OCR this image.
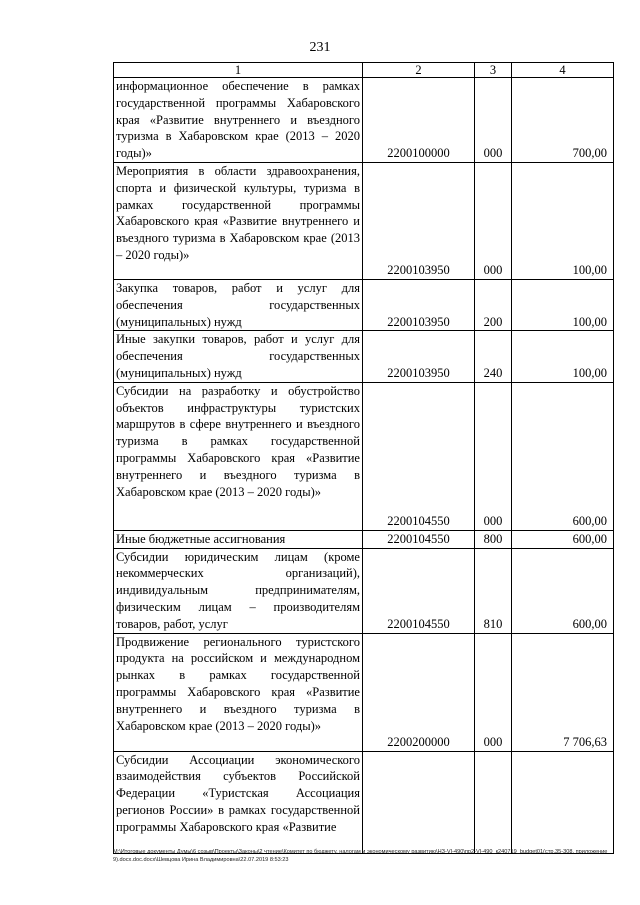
231
1	2	3	4
информационное обеспечение в рамках государственной программы Хабаровского края «Развитие внутреннего и въездного туризма в Хабаровском крае (2013 – 2020 годы)»	2200100000	000	700,00
Мероприятия в области здравоохранения, спорта и физической культуры, туризма в рамках государственной программы Хабаровского края «Развитие внутреннего и въездного туризма в Хабаровском крае (2013 – 2020 годы)»	2200103950	000	100,00
Закупка товаров, работ и услуг для обеспечения государственных (муниципальных) нужд	2200103950	200	100,00
Иные закупки товаров, работ и услуг для обеспечения государственных (муниципальных) нужд	2200103950	240	100,00
Субсидии на разработку и обустройство объектов инфраструктуры туристских маршрутов в сфере внутреннего и въездного туризма в рамках государственной программы Хабаровского края «Развитие внутреннего и въездного туризма в Хабаровском крае (2013 – 2020 годы)»	2200104550	000	600,00
Иные бюджетные ассигнования	2200104550	800	600,00
Субсидии юридическим лицам (кроме некоммерческих организаций), индивидуальным предпринимателям, физическим лицам – производителям товаров, работ, услуг	2200104550	810	600,00
Продвижение регионального туристского продукта на российском и международном рынках в рамках государственной программы Хабаровского края «Развитие внутреннего и въездного туризма в Хабаровском крае (2013 – 2020 годы)»	2200200000	000	7 706,63
Субсидии Ассоциации экономического взаимодействия субъектов Российской Федерации «Туристская Ассоциация регионов России» в рамках государственной программы Хабаровского края «Развитие			
M:\Итоговые документы Думы\6 созыв\Проекты\Законы\2 чтение\Комитет по бюджету, налогам и экономическому развитию\НЗ-VI-490\пр2-VI-490_к240719_budget01(стр.35-308, приложение 9).docx.doc.docx\Шевцова Ирина Владимировна\22.07.2019 8:53:23
